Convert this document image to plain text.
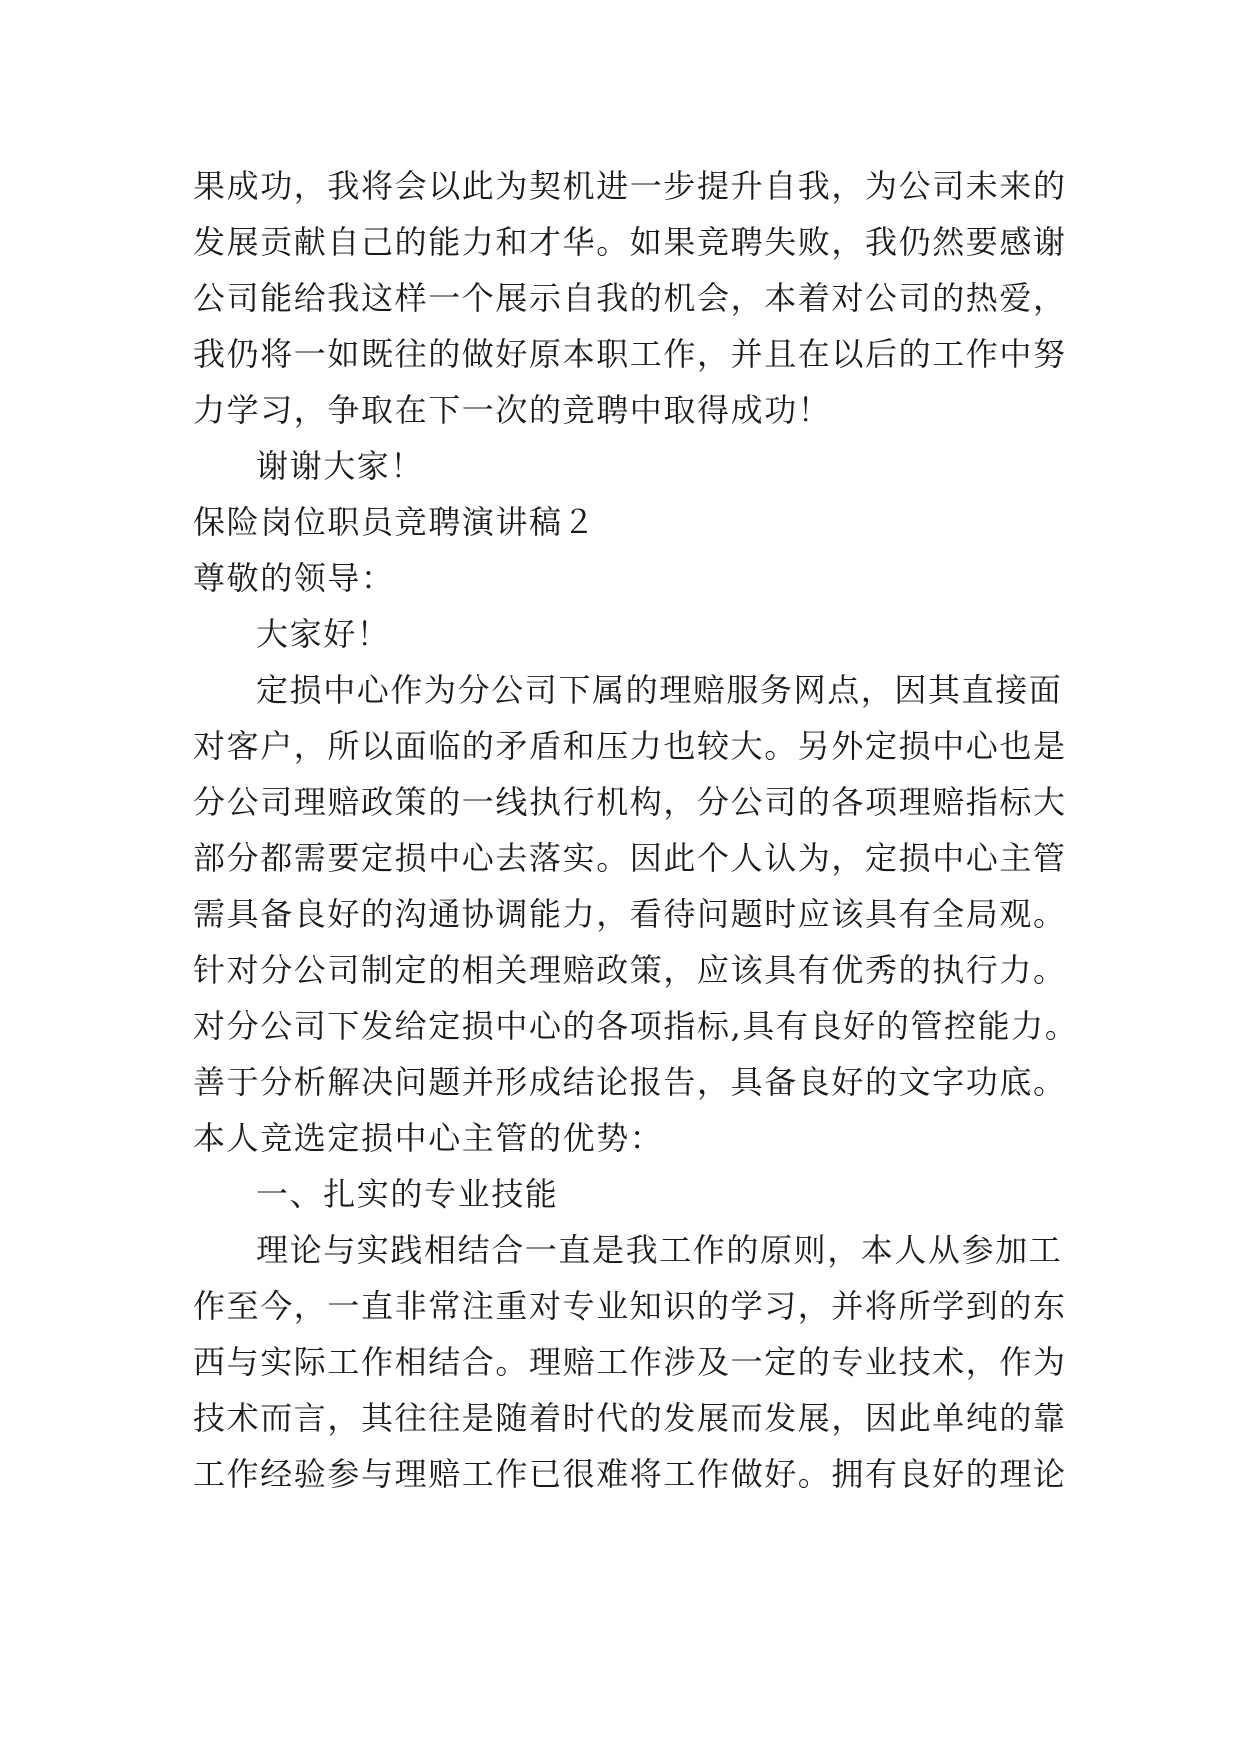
果成功，我将会以此为契机进一步提升自我，为公司未来的
发展贡献自己的能力和才华。如果竞聘失败，我仍然要感谢
公司能给我这样一个展示自我的机会，本着对公司的热爱，
我仍将一如既往的做好原本职工作，并且在以后的工作中努
力学习，争取在下一次的竞聘中取得成功！
谢谢大家！
保险岗位职员竞聘演讲稿２
尊敬的领导：
大家好！
定损中心作为分公司下属的理赔服务网点，因其直接面
对客户，所以面临的矛盾和压力也较大。另外定损中心也是
分公司理赔政策的一线执行机构，分公司的各项理赔指标大
部分都需要定损中心去落实。因此个人认为，定损中心主管
需具备良好的沟通协调能力，看待问题时应该具有全局观。
针对分公司制定的相关理赔政策，应该具有优秀的执行力。
对分公司下发给定损中心的各项指标,具有良好的管控能力。
善于分析解决问题并形成结论报告，具备良好的文字功底。
本人竞选定损中心主管的优势：
一、扎实的专业技能
理论与实践相结合一直是我工作的原则，本人从参加工
作至今，一直非常注重对专业知识的学习，并将所学到的东
西与实际工作相结合。理赔工作涉及一定的专业技术，作为
技术而言，其往往是随着时代的发展而发展，因此单纯的靠
工作经验参与理赔工作已很难将工作做好。拥有良好的理论
